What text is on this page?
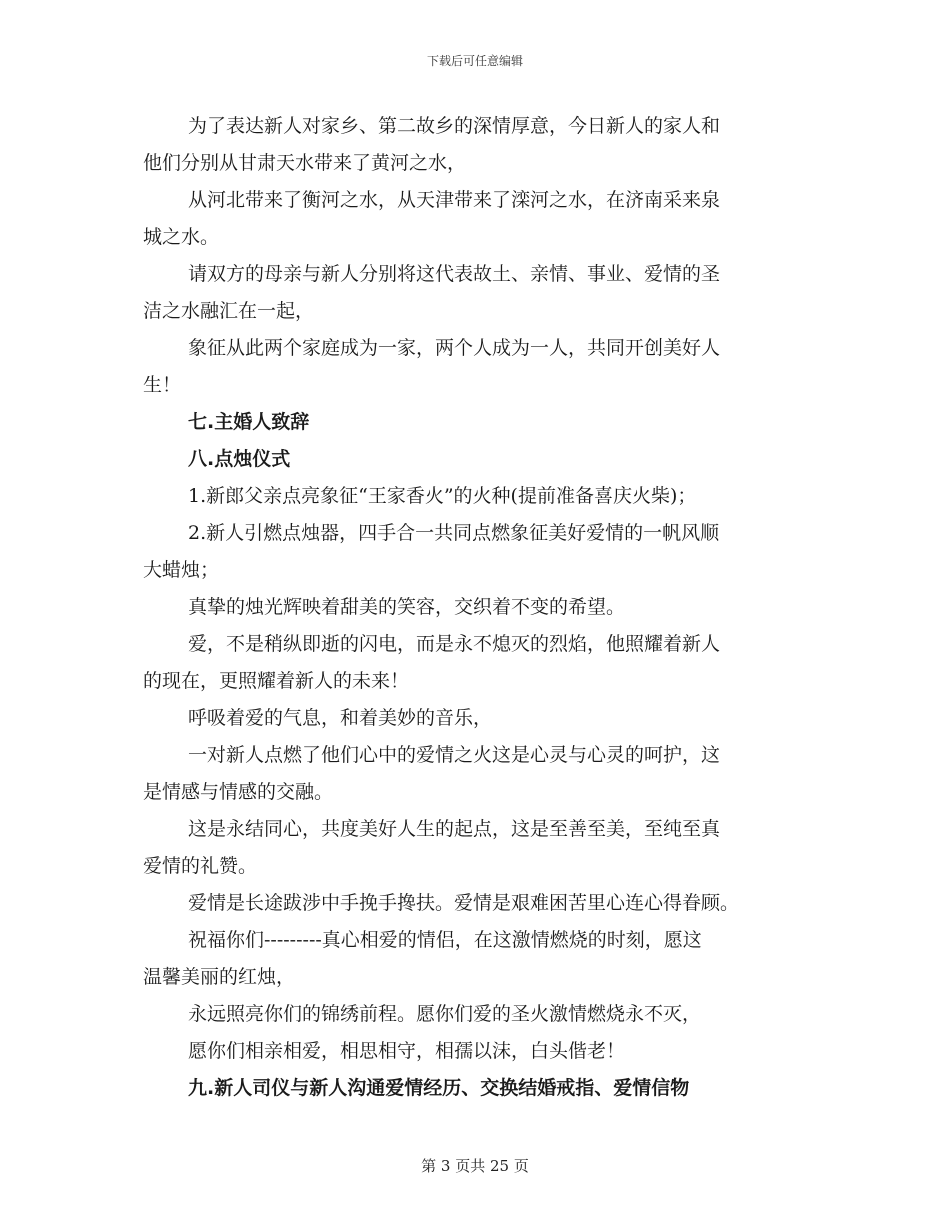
下载后可任意编辑

为了表达新人对家乡、第二故乡的深情厚意，今日新人的家人和
他们分别从甘肃天水带来了黄河之水，

从河北带来了衡河之水，从天津带来了滦河之水，在济南采来泉
城之水。

请双方的母亲与新人分别将这代表故土、亲情、事业、爱情的圣
洁之水融汇在一起，

象征从此两个家庭成为一家，两个人成为一人，共同开创美好人
生！

七.主婚人致辞

八.点烛仪式

1.新郎父亲点亮象征“王家香火”的火种(提前准备喜庆火柴)；

2.新人引燃点烛器，四手合一共同点燃象征美好爱情的一帆风顺
大蜡烛；

真挚的烛光辉映着甜美的笑容，交织着不变的希望。

爱，不是稍纵即逝的闪电，而是永不熄灭的烈焰，他照耀着新人
的现在，更照耀着新人的未来！

呼吸着爱的气息，和着美妙的音乐，

一对新人点燃了他们心中的爱情之火这是心灵与心灵的呵护，这
是情感与情感的交融。

这是永结同心，共度美好人生的起点，这是至善至美，至纯至真
爱情的礼赞。

爱情是长途跋涉中手挽手搀扶。爱情是艰难困苦里心连心得眷顾。

祝福你们---------真心相爱的情侣，在这激情燃烧的时刻，愿这
温馨美丽的红烛，

永远照亮你们的锦绣前程。愿你们爱的圣火激情燃烧永不灭，

愿你们相亲相爱，相思相守，相孺以沫，白头偕老！

九.新人司仪与新人沟通爱情经历、交换结婚戒指、爱情信物

第 3 页共 25 页
